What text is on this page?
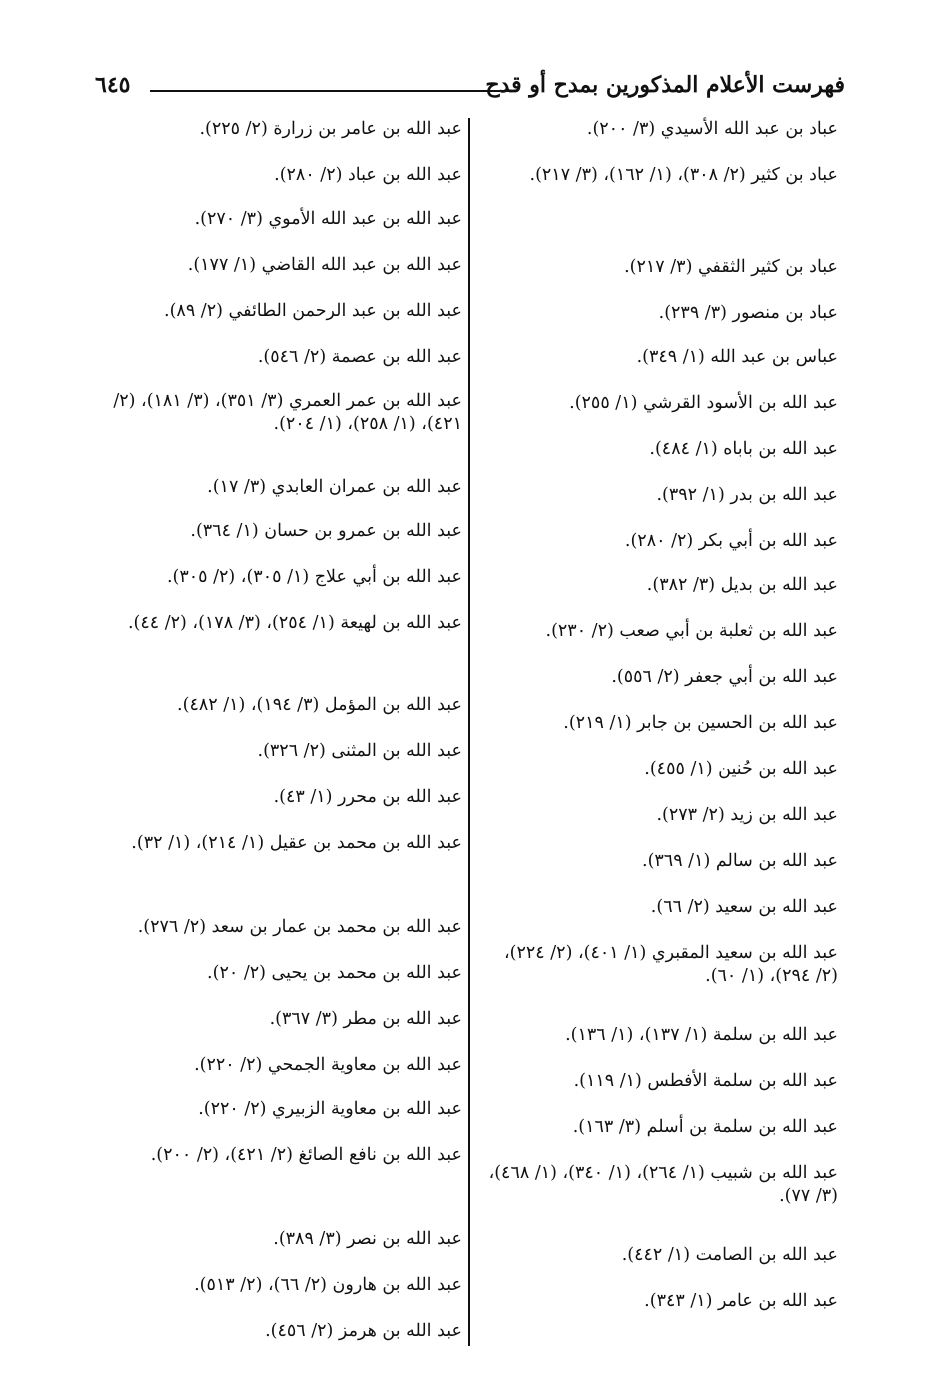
فهرست الأعلام المذكورين بمدح أو قدح
٦٤٥

عباد بن عبد الله الأسيدي (٣/ ٢٠٠).

عباد بن كثير (٢/ ٣٠٨)، (١/ ١٦٢)، (٣/ ٢١٧).

عباد بن كثير الثقفي (٣/ ٢١٧).

عباد بن منصور (٣/ ٢٣٩).

عباس بن عبد الله (١/ ٣٤٩).

عبد الله بن الأسود القرشي (١/ ٢٥٥).

عبد الله بن باباه (١/ ٤٨٤).

عبد الله بن بدر (١/ ٣٩٢).

عبد الله بن أبي بكر (٢/ ٢٨٠).

عبد الله بن بديل (٣/ ٣٨٢).

عبد الله بن ثعلبة بن أبي صعب (٢/ ٢٣٠).

عبد الله بن أبي جعفر (٢/ ٥٥٦).

عبد الله بن الحسين بن جابر (١/ ٢١٩).

عبد الله بن حُنين (١/ ٤٥٥).

عبد الله بن زيد (٢/ ٢٧٣).

عبد الله بن سالم (١/ ٣٦٩).

عبد الله بن سعيد (٢/ ٦٦).

عبد الله بن سعيد المقبري (١/ ٤٠١)، (٢/ ٢٢٤)، (٢/ ٢٩٤)، (١/ ٦٠).

عبد الله بن سلمة (١/ ١٣٧)، (١/ ١٣٦).

عبد الله بن سلمة الأفطس (١/ ١١٩).

عبد الله بن سلمة بن أسلم (٣/ ١٦٣).

عبد الله بن شبيب (١/ ٢٦٤)، (١/ ٣٤٠)، (١/ ٤٦٨)، (٣/ ٧٧).

عبد الله بن الصامت (١/ ٤٤٢).

عبد الله بن عامر (١/ ٣٤٣).

عبد الله بن عامر بن زرارة (٢/ ٢٢٥).

عبد الله بن عباد (٢/ ٢٨٠).

عبد الله بن عبد الله الأموي (٣/ ٢٧٠).

عبد الله بن عبد الله القاضي (١/ ١٧٧).

عبد الله بن عبد الرحمن الطائفي (٢/ ٨٩).

عبد الله بن عصمة (٢/ ٥٤٦).

عبد الله بن عمر العمري (٣/ ٣٥١)، (٣/ ١٨١)، (٢/ ٤٢١)، (١/ ٢٥٨)، (١/ ٢٠٤).

عبد الله بن عمران العابدي (٣/ ١٧).

عبد الله بن عمرو بن حسان (١/ ٣٦٤).

عبد الله بن أبي علاج (١/ ٣٠٥)، (٢/ ٣٠٥).

عبد الله بن لهيعة (١/ ٢٥٤)، (٣/ ١٧٨)، (٢/ ٤٤).

عبد الله بن المؤمل (٣/ ١٩٤)، (١/ ٤٨٢).

عبد الله بن المثنى (٢/ ٣٢٦).

عبد الله بن محرر (١/ ٤٣).

عبد الله بن محمد بن عقيل (١/ ٢١٤)، (١/ ٣٢).

عبد الله بن محمد بن عمار بن سعد (٢/ ٢٧٦).

عبد الله بن محمد بن يحيى (٢/ ٢٠).

عبد الله بن مطر (٣/ ٣٦٧).

عبد الله بن معاوية الجمحي (٢/ ٢٢٠).

عبد الله بن معاوية الزبيري (٢/ ٢٢٠).

عبد الله بن نافع الصائغ (٢/ ٤٢١)، (٢/ ٢٠٠).

عبد الله بن نصر (٣/ ٣٨٩).

عبد الله بن هارون (٢/ ٦٦)، (٢/ ٥١٣).

عبد الله بن هرمز (٢/ ٤٥٦).
